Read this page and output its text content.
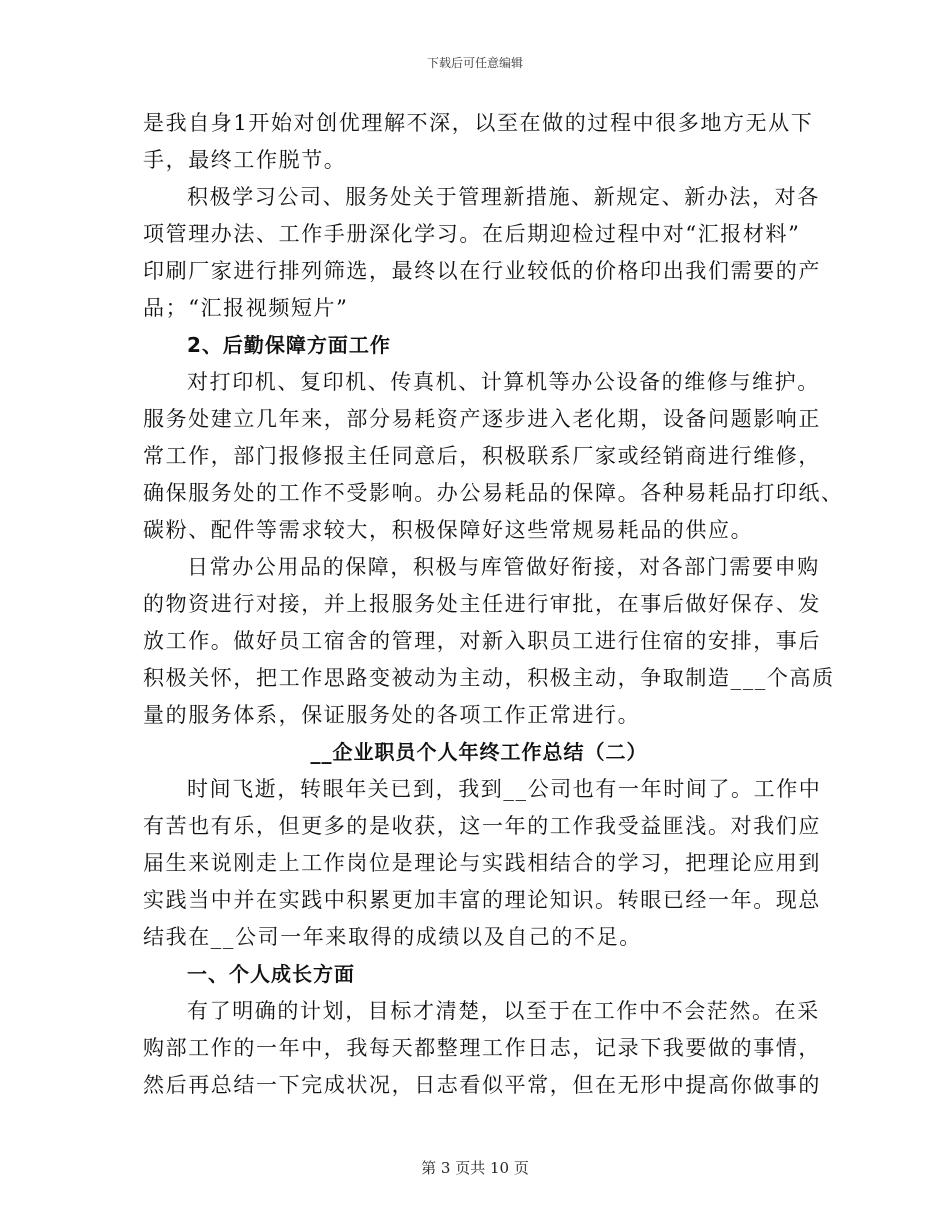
下载后可任意编辑
是我自身1开始对创优理解不深，以至在做的过程中很多地方无从下
手，最终工作脱节。
积极学习公司、服务处关于管理新措施、新规定、新办法，对各
项管理办法、工作手册深化学习。在后期迎检过程中对“汇报材料”
印刷厂家进行排列筛选，最终以在行业较低的价格印出我们需要的产
品；“汇报视频短片”
2、后勤保障方面工作
对打印机、复印机、传真机、计算机等办公设备的维修与维护。
服务处建立几年来，部分易耗资产逐步进入老化期，设备问题影响正
常工作，部门报修报主任同意后，积极联系厂家或经销商进行维修，
确保服务处的工作不受影响。办公易耗品的保障。各种易耗品打印纸、
碳粉、配件等需求较大，积极保障好这些常规易耗品的供应。
日常办公用品的保障，积极与库管做好衔接，对各部门需要申购
的物资进行对接，并上报服务处主任进行审批，在事后做好保存、发
放工作。做好员工宿舍的管理，对新入职员工进行住宿的安排，事后
积极关怀，把工作思路变被动为主动，积极主动，争取制造___个高质
量的服务体系，保证服务处的各项工作正常进行。
__企业职员个人年终工作总结（二）
时间飞逝，转眼年关已到，我到__公司也有一年时间了。工作中
有苦也有乐，但更多的是收获，这一年的工作我受益匪浅。对我们应
届生来说刚走上工作岗位是理论与实践相结合的学习，把理论应用到
实践当中并在实践中积累更加丰富的理论知识。转眼已经一年。现总
结我在__公司一年来取得的成绩以及自己的不足。
一、个人成长方面
有了明确的计划，目标才清楚，以至于在工作中不会茫然。在采
购部工作的一年中，我每天都整理工作日志，记录下我要做的事情，
然后再总结一下完成状况，日志看似平常，但在无形中提高你做事的
第 3 页共 10 页
